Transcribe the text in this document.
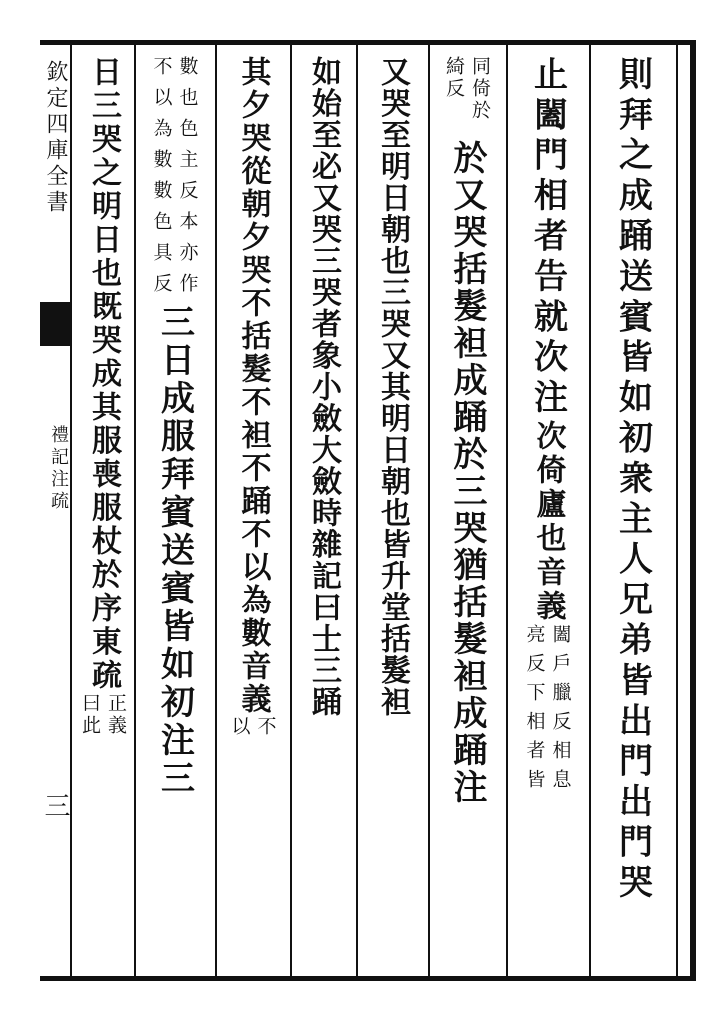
欽定四庫全書
禮記注疏
三	則拜之成踊送賓皆如初衆主人兄弟皆出門出門哭
止闔門相者告就次注
次倚廬也音義
闔戶臘反相息
亮反下相者皆
同倚於
綺反
於又哭括髮袒成踊於三哭猶括髮袒成踊注
又哭至明日朝也三哭又其明日朝也皆升堂括髮袒
如始至必又哭三哭者象小斂大斂時雜記曰士三踊
其夕哭從朝夕哭不括髮不袒不踊不以為數音義
不
以
數也色主反本亦作
不以為數數色具反
三日成服拜賓送賓皆如初注三
日三哭之明日也既哭成其服喪服杖於序東疏
正義
曰此
